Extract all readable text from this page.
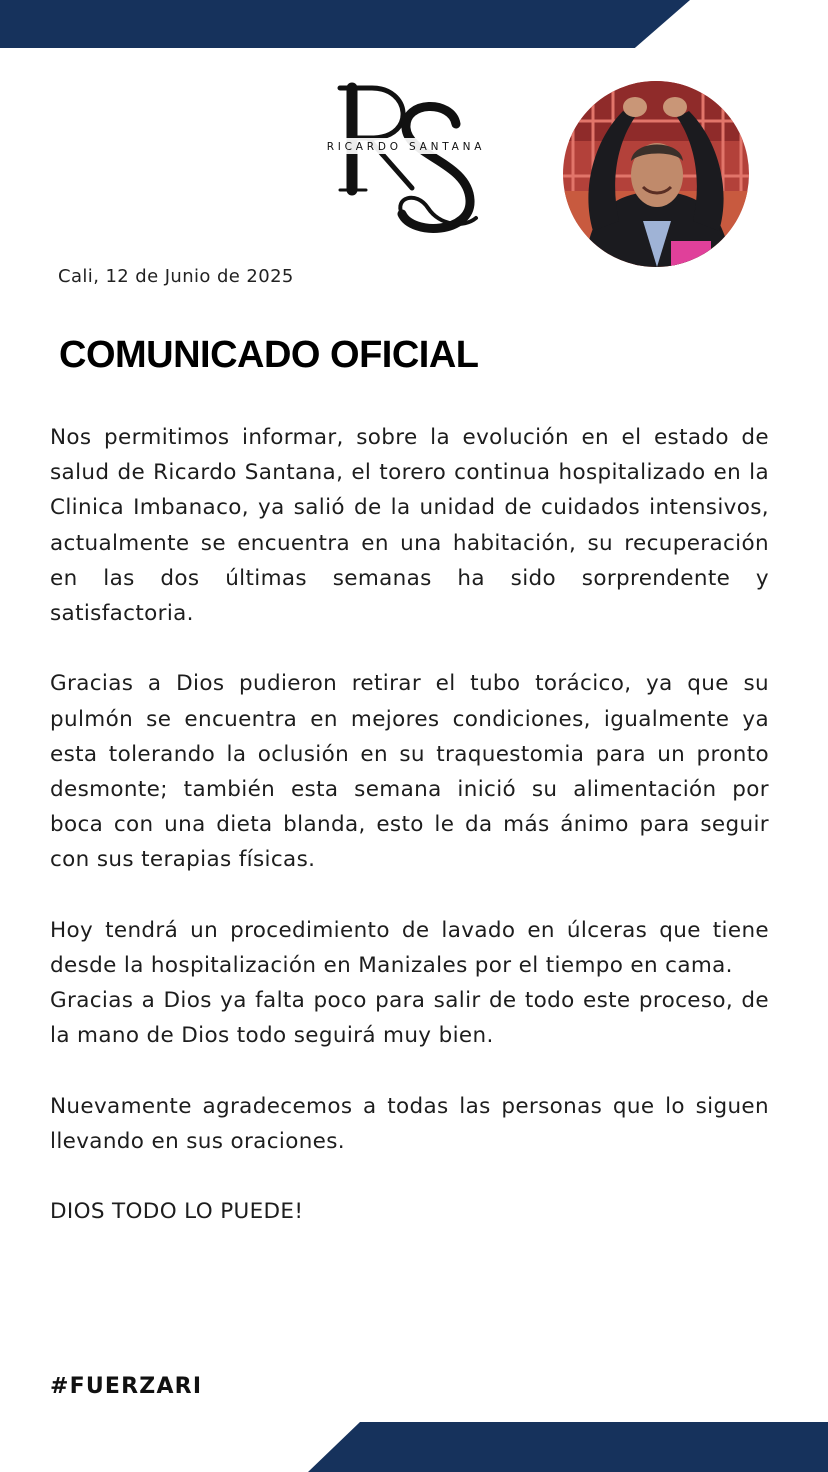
RICARDO SANTANA
Cali, 12 de Junio de 2025
COMUNICADO OFICIAL

Nos permitimos informar, sobre la evolución en el estado de salud de Ricardo Santana, el torero continua hospitalizado en la Clinica Imbanaco, ya salió de la unidad de cuidados intensivos, actualmente se encuentra en una habitación, su recuperación en las dos últimas semanas ha sido sorprendente y satisfactoria.

Gracias a Dios pudieron retirar el tubo torácico, ya que su pulmón se encuentra en mejores condiciones, igualmente ya esta tolerando la oclusión en su traquestomia para un pronto desmonte; también esta semana inició su alimentación por boca con una dieta blanda, esto le da más ánimo para seguir con sus terapias físicas.

Hoy tendrá un procedimiento de lavado en úlceras que tiene desde la hospitalización en Manizales por el tiempo en cama.

Gracias a Dios ya falta poco para salir de todo este proceso, de la mano de Dios todo seguirá muy bien.

Nuevamente agradecemos a todas las personas que lo siguen llevando en sus oraciones.

DIOS TODO LO PUEDE!

#FUERZARI
